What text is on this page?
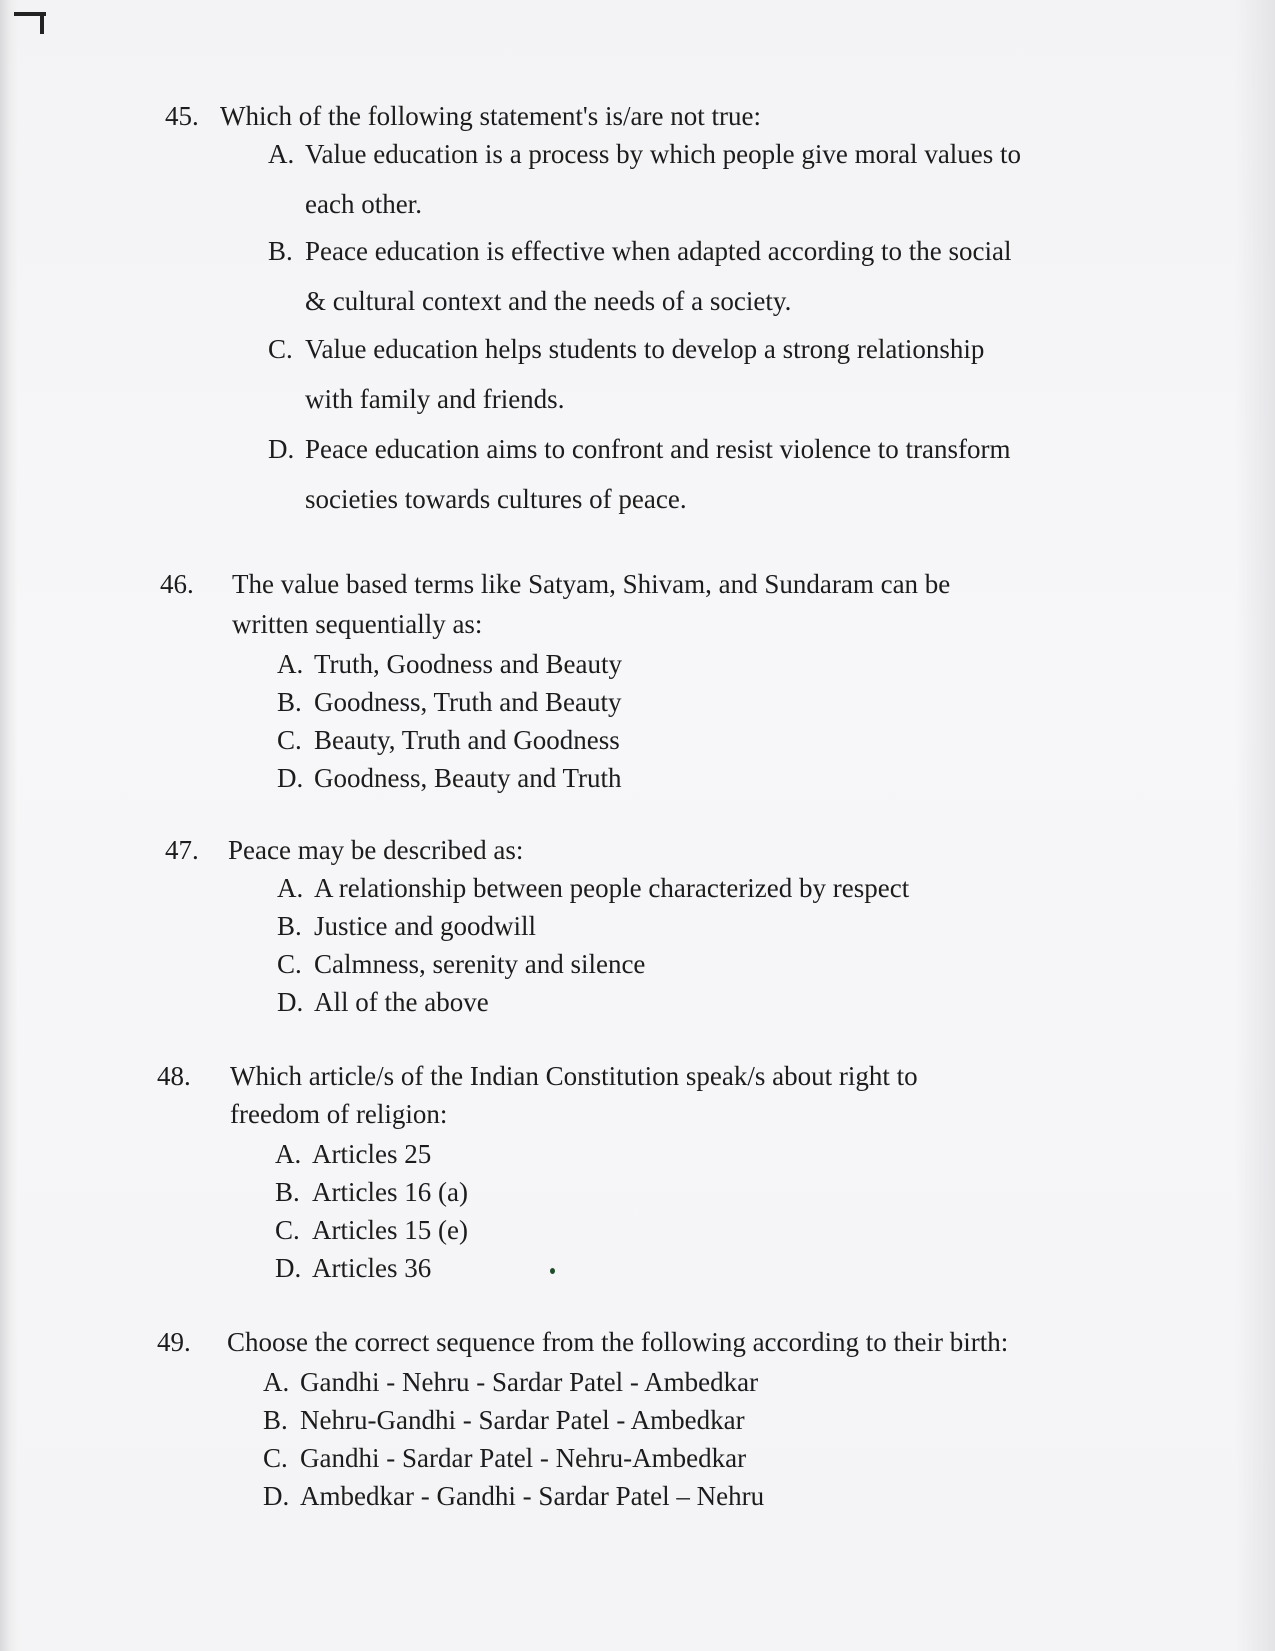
45. Which of the following statement's is/are not true:
A. Value education is a process by which people give moral values to
each other.
B. Peace education is effective when adapted according to the social
& cultural context and the needs of a society.
C. Value education helps students to develop a strong relationship
with family and friends.
D. Peace education aims to confront and resist violence to transform
societies towards cultures of peace.
46. The value based terms like Satyam, Shivam, and Sundaram can be
written sequentially as:
A. Truth, Goodness and Beauty
B. Goodness, Truth and Beauty
C. Beauty, Truth and Goodness
D. Goodness, Beauty and Truth
47. Peace may be described as:
A. A relationship between people characterized by respect
B. Justice and goodwill
C. Calmness, serenity and silence
D. All of the above
48. Which article/s of the Indian Constitution speak/s about right to
freedom of religion:
A. Articles 25
B. Articles 16 (a)
C. Articles 15 (e)
D. Articles 36
49. Choose the correct sequence from the following according to their birth:
A. Gandhi - Nehru - Sardar Patel - Ambedkar
B. Nehru-Gandhi - Sardar Patel - Ambedkar
C. Gandhi - Sardar Patel - Nehru-Ambedkar
D. Ambedkar - Gandhi - Sardar Patel – Nehru
